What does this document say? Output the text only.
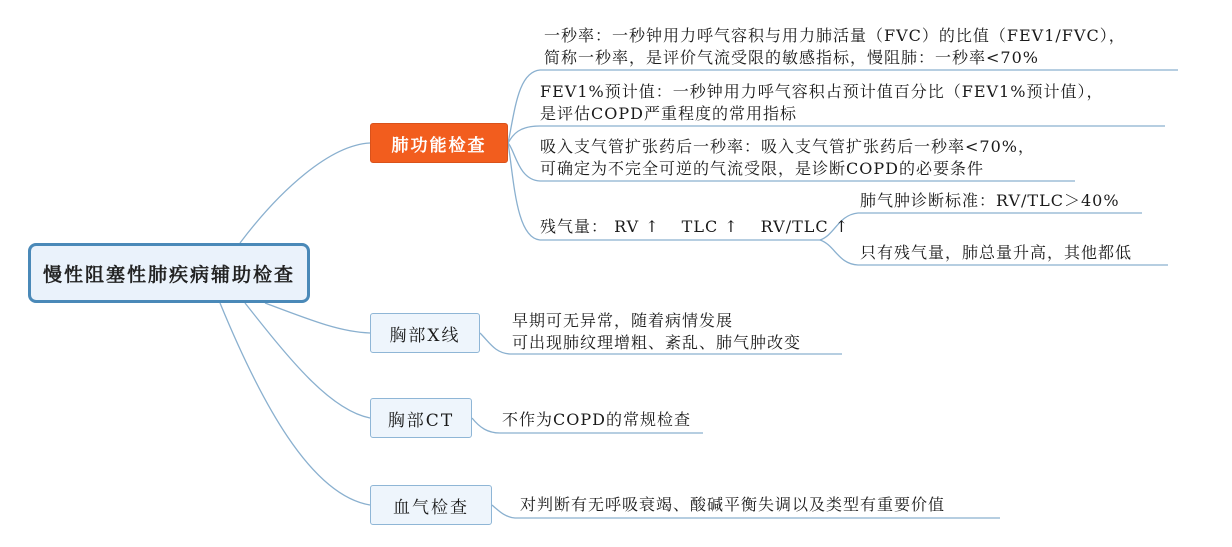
慢性阻塞性肺疾病辅助检查
肺功能检查
一秒率：一秒钟用力呼气容积与用力肺活量（FVC）的比值（FEV1/FVC），
简称一秒率，是评价气流受限的敏感指标，慢阻肺：一秒率<70%
FEV1%预计值：一秒钟用力呼气容积占预计值百分比（FEV1%预计值），
是评估COPD严重程度的常用指标
吸入支气管扩张药后一秒率：吸入支气管扩张药后一秒率<70%，
可确定为不完全可逆的气流受限，是诊断COPD的必要条件
残气量： RV ↑ TLC ↑ RV/TLC ↑
肺气肿诊断标准：RV/TLC＞40%
只有残气量，肺总量升高，其他都低
胸部X线
早期可无异常，随着病情发展
可出现肺纹理增粗、紊乱、肺气肿改变
胸部CT	不作为COPD的常规检查
血气检查	对判断有无呼吸衰竭、酸碱平衡失调以及类型有重要价值
